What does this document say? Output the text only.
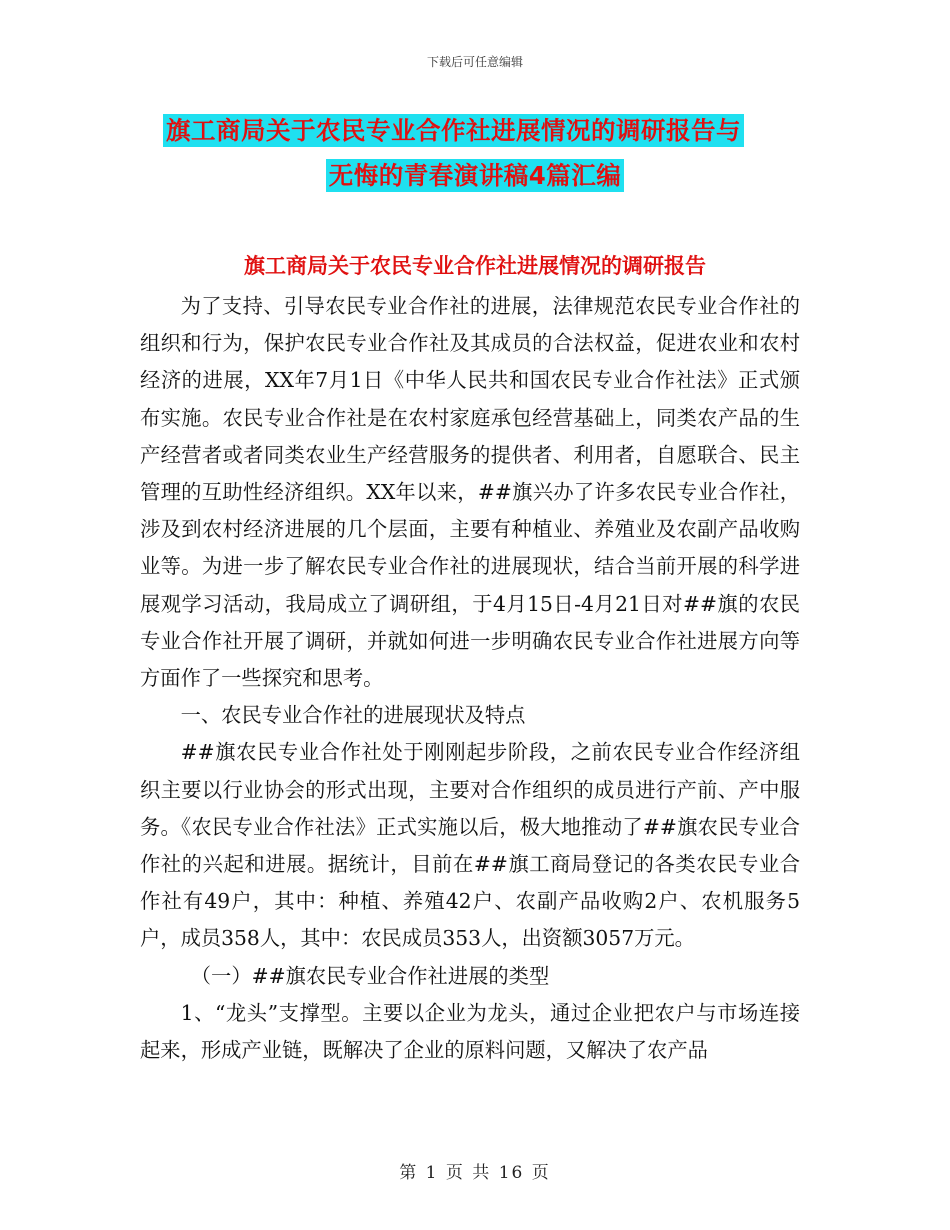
下载后可任意编辑
旗工商局关于农民专业合作社进展情况的调研报告与
无悔的青春演讲稿4篇汇编
旗工商局关于农民专业合作社进展情况的调研报告

为了支持、引导农民专业合作社的进展，法律规范农民专业合作社的组织和行为，保护农民专业合作社及其成员的合法权益，促进农业和农村经济的进展，XX年7月1日《中华人民共和国农民专业合作社法》正式颁布实施。农民专业合作社是在农村家庭承包经营基础上，同类农产品的生产经营者或者同类农业生产经营服务的提供者、利用者，自愿联合、民主管理的互助性经济组织。XX年以来，##旗兴办了许多农民专业合作社，涉及到农村经济进展的几个层面，主要有种植业、养殖业及农副产品收购业等。为进一步了解农民专业合作社的进展现状，结合当前开展的科学进展观学习活动，我局成立了调研组，于4月15日-4月21日对##旗的农民专业合作社开展了调研，并就如何进一步明确农民专业合作社进展方向等方面作了一些探究和思考。

一、农民专业合作社的进展现状及特点

##旗农民专业合作社处于刚刚起步阶段，之前农民专业合作经济组织主要以行业协会的形式出现，主要对合作组织的成员进行产前、产中服务。《农民专业合作社法》正式实施以后，极大地推动了##旗农民专业合作社的兴起和进展。据统计，目前在##旗工商局登记的各类农民专业合作社有49户，其中：种植、养殖42户、农副产品收购2户、农机服务5户，成员358人，其中：农民成员353人，出资额3057万元。

（一）##旗农民专业合作社进展的类型

1、“龙头”支撑型。主要以企业为龙头，通过企业把农户与市场连接起来，形成产业链，既解决了企业的原料问题，又解决了农产品

第 1 页 共 16 页
